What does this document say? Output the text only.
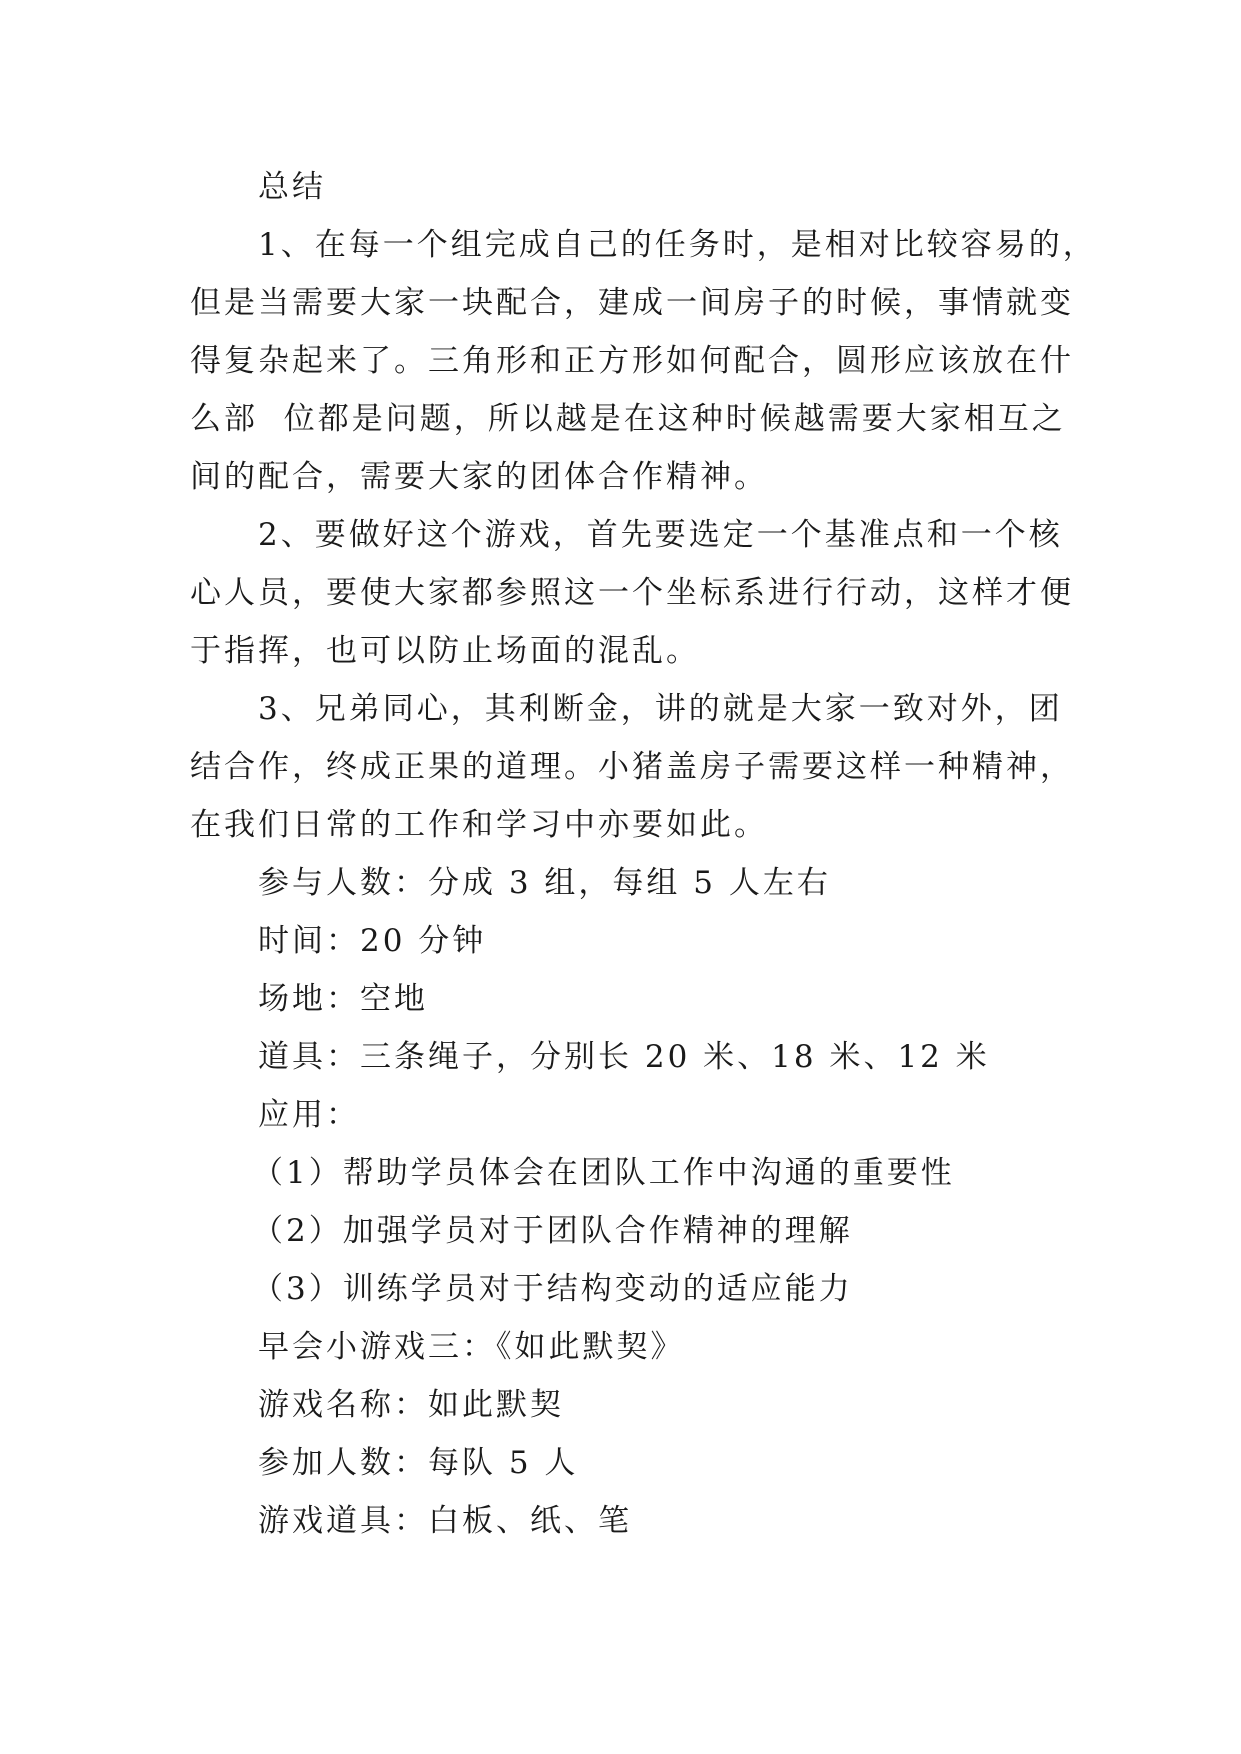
总结
1、在每一个组完成自己的任务时，是相对比较容易的，
但是当需要大家一块配合，建成一间房子的时候，事情就变
得复杂起来了。三角形和正方形如何配合，圆形应该放在什
么部  位都是问题，所以越是在这种时候越需要大家相互之
间的配合，需要大家的团体合作精神。
2、要做好这个游戏，首先要选定一个基准点和一个核
心人员，要使大家都参照这一个坐标系进行行动，这样才便
于指挥，也可以防止场面的混乱。
3、兄弟同心，其利断金，讲的就是大家一致对外，团
结合作，终成正果的道理。小猪盖房子需要这样一种精神，
在我们日常的工作和学习中亦要如此。
参与人数：分成 3 组，每组 5 人左右
时间：20 分钟
场地：空地
道具：三条绳子，分别长 20 米、18 米、12 米
应用：
（1）帮助学员体会在团队工作中沟通的重要性
（2）加强学员对于团队合作精神的理解
（3）训练学员对于结构变动的适应能力
早会小游戏三：《如此默契》
游戏名称：如此默契
参加人数：每队 5 人
游戏道具：白板、纸、笔
